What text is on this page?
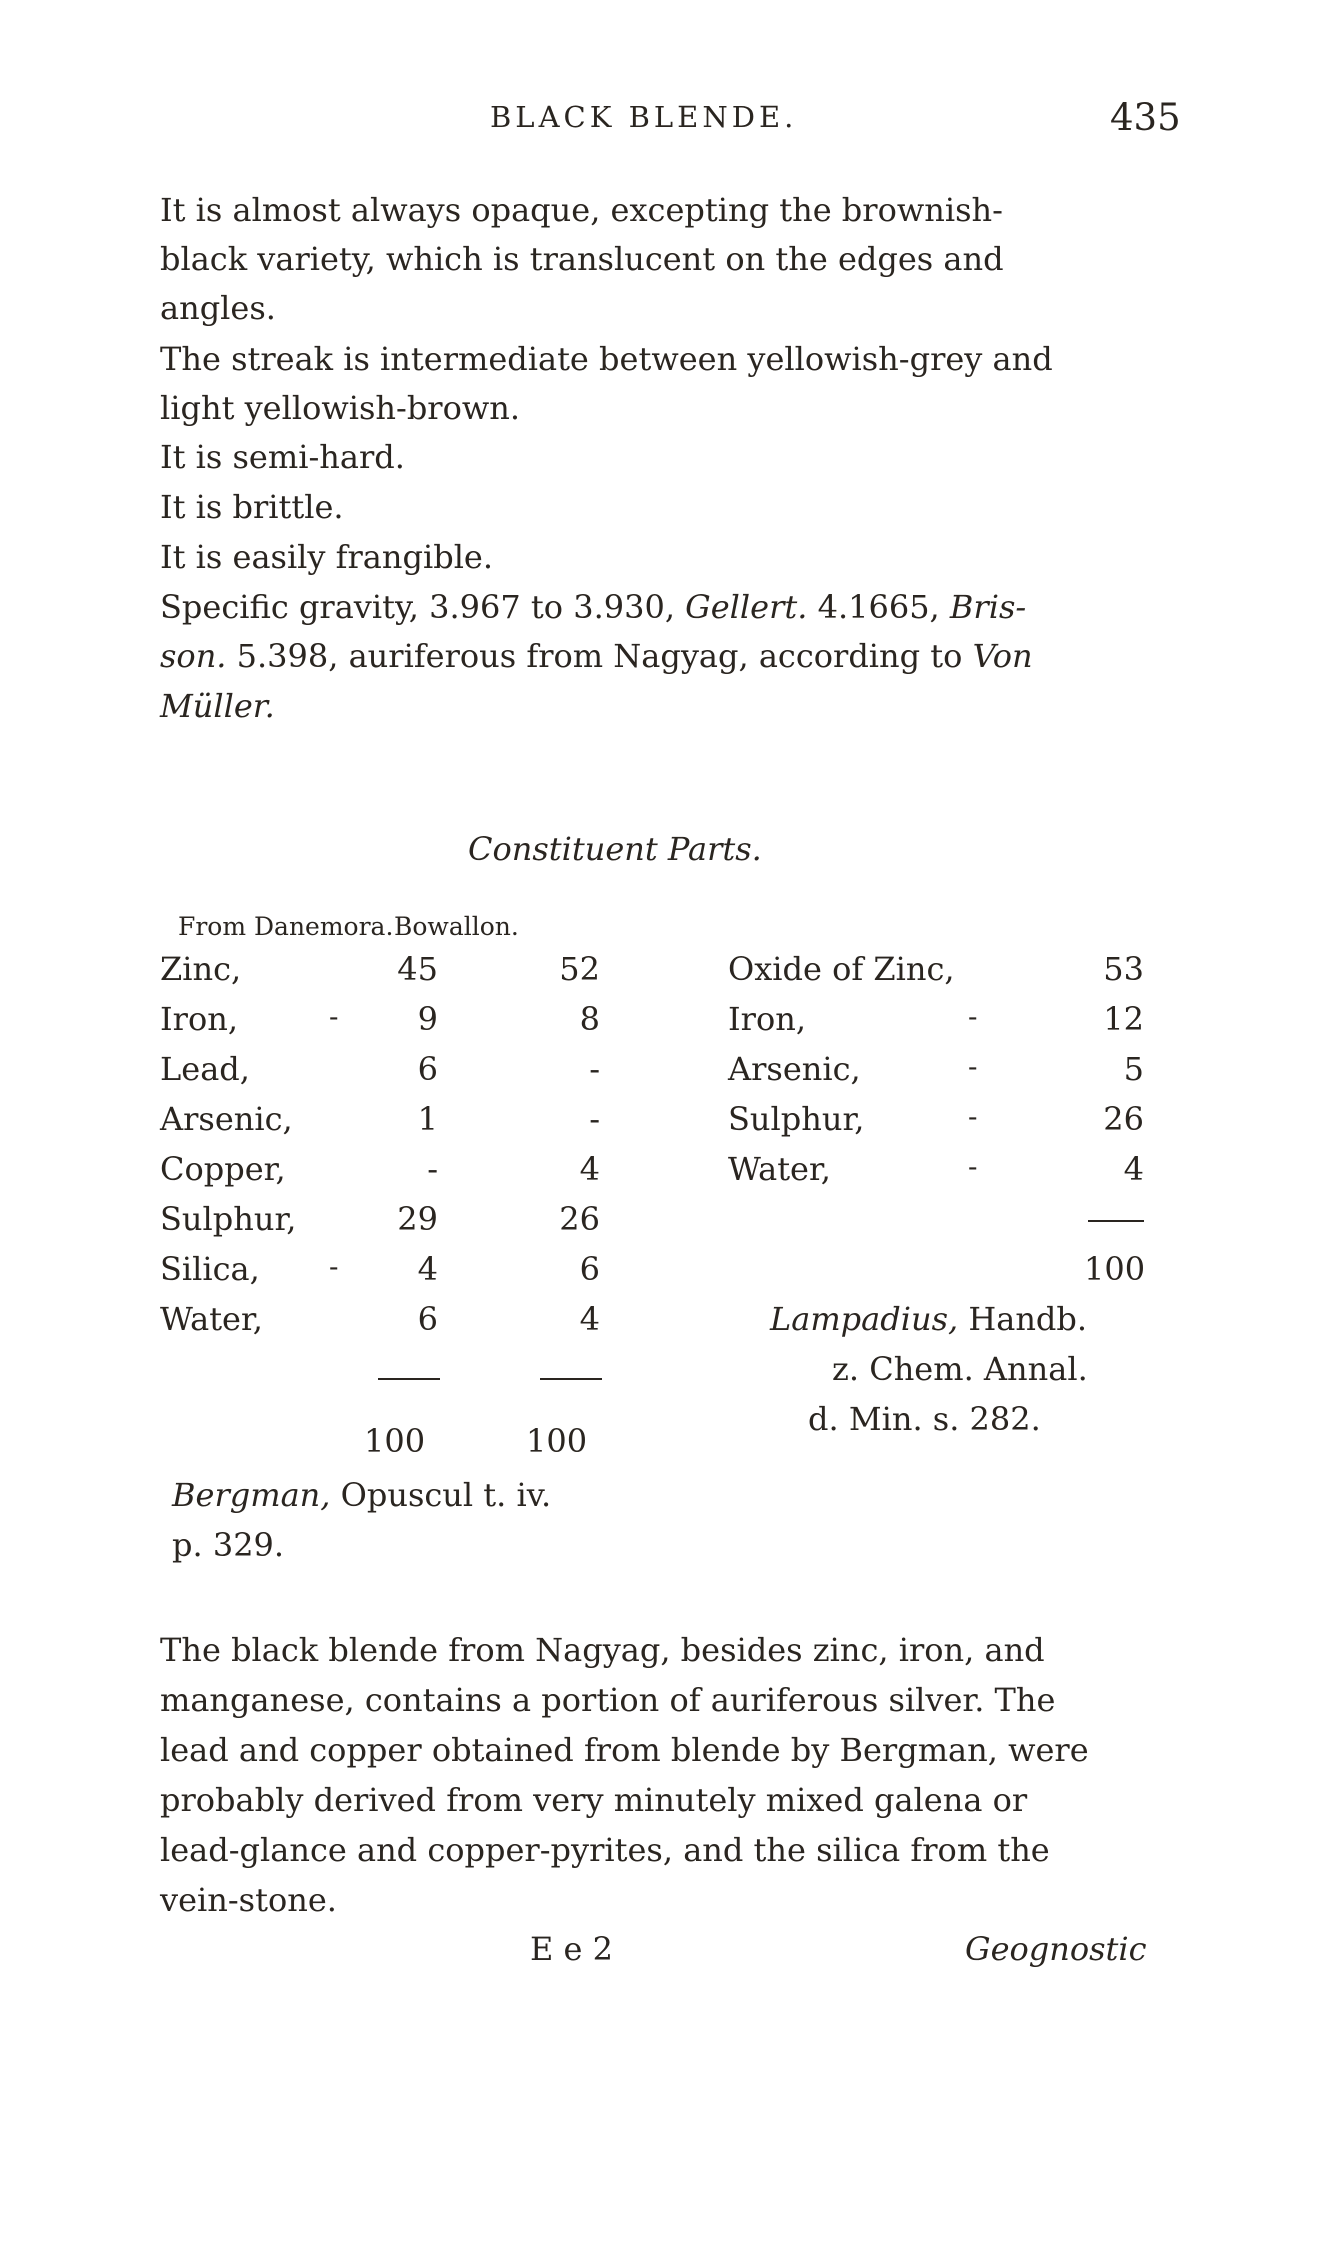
BLACK BLENDE.	435
It is almost always opaque, excepting the brownish-
black variety, which is translucent on the edges and
angles.
The streak is intermediate between yellowish-grey and
light yellowish-brown.
It is semi-hard.
It is brittle.
It is easily frangible.
Specific gravity, 3.967 to 3.930, Gellert. 4.1665, Bris-
son. 5.398, auriferous from Nagyag, according to Von
Müller.
Constituent Parts.
From Danemora. Bowallon.
Zinc,	45	52
Iron,	-	9	8
Lead,	6	-
Arsenic,	1	-
Copper,	-	4
Sulphur,	29	26
Silica, -	4	6
Water,	6	4
100	100
Bergman, Opuscul t. iv.
p. 329.
Oxide of Zinc,	53
Iron,	-	12
Arsenic,	-	5
Sulphur,	-	26
Water,	-	4
100
Lampadius, Handb.
z. Chem. Annal.
d. Min. s. 282.
The black blende from Nagyag, besides zinc, iron, and
manganese, contains a portion of auriferous silver. The
lead and copper obtained from blende by Bergman, were
probably derived from very minutely mixed galena or
lead-glance and copper-pyrites, and the silica from the
vein-stone.
E e 2	Geognostic
